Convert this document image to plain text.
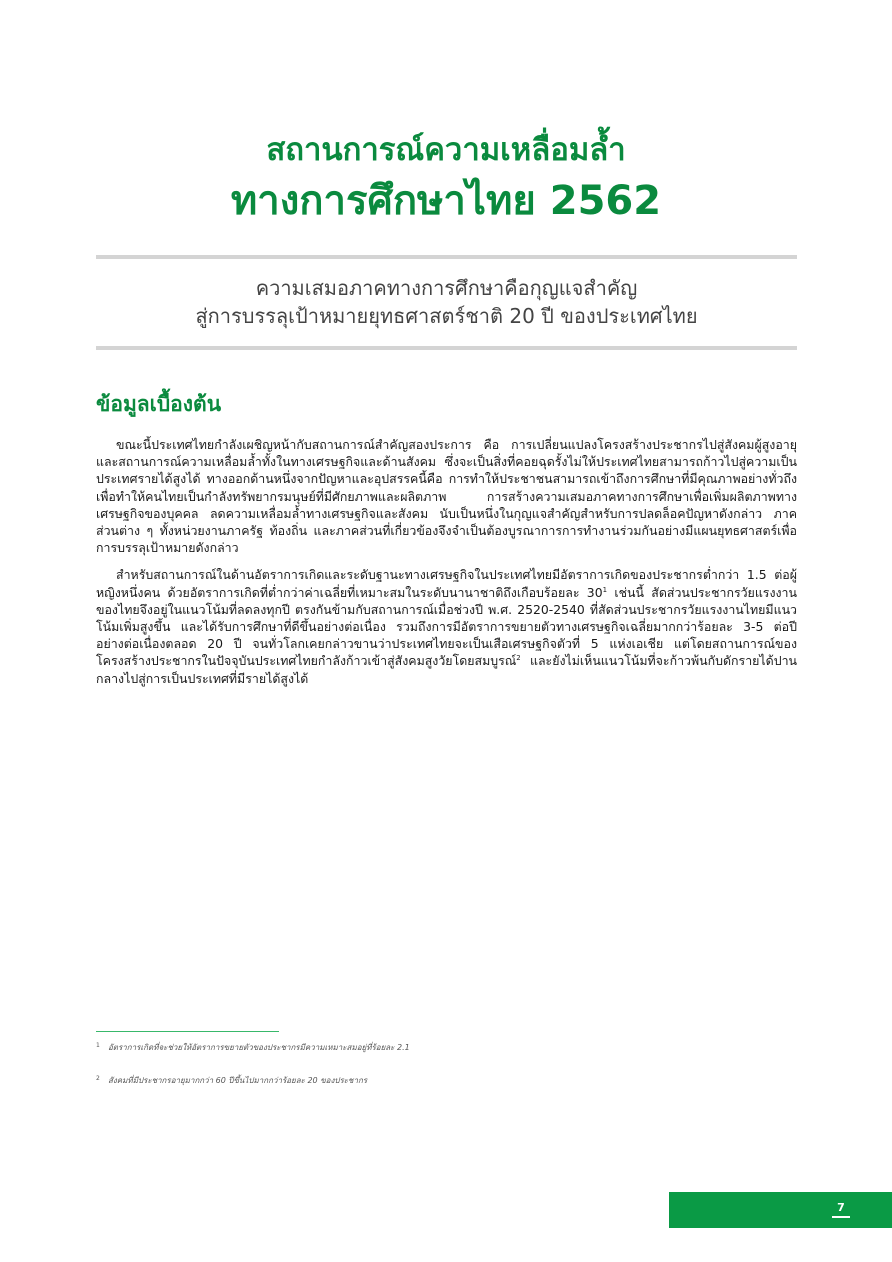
สถานการณ์ความเหลื่อมล้ำ
ทางการศึกษาไทย 2562
ความเสมอภาคทางการศึกษาคือกุญแจสำคัญ
สู่การบรรลุเป้าหมายยุทธศาสตร์ชาติ 20 ปี ของประเทศไทย
ข้อมูลเบื้องต้น

ขณะนี้ประเทศไทยกำลังเผชิญหน้ากับสถานการณ์สำคัญสองประการ คือ การเปลี่ยนแปลงโครงสร้างประชากรไปสู่สังคมผู้สูงอายุ และสถานการณ์ความเหลื่อมล้ำทั้งในทางเศรษฐกิจและด้านสังคม ซึ่งจะเป็นสิ่งที่คอยฉุดรั้งไม่ให้ประเทศไทยสามารถก้าวไปสู่ความเป็นประเทศรายได้สูงได้ ทางออกด้านหนึ่งจากปัญหาและอุปสรรคนี้คือ การทำให้ประชาชนสามารถเข้าถึงการศึกษาที่มีคุณภาพอย่างทั่วถึง เพื่อทำให้คนไทยเป็นกำลังทรัพยากรมนุษย์ที่มีศักยภาพและผลิตภาพ การสร้างความเสมอภาคทางการศึกษาเพื่อเพิ่มผลิตภาพทางเศรษฐกิจของบุคคล ลดความเหลื่อมล้ำทางเศรษฐกิจและสังคม นับเป็นหนึ่งในกุญแจสำคัญสำหรับการปลดล็อคปัญหาดังกล่าว ภาคส่วนต่าง ๆ ทั้งหน่วยงานภาครัฐ ท้องถิ่น และภาคส่วนที่เกี่ยวข้องจึงจำเป็นต้องบูรณาการการทำงานร่วมกันอย่างมีแผนยุทธศาสตร์เพื่อการบรรลุเป้าหมายดังกล่าว

สำหรับสถานการณ์ในด้านอัตราการเกิดและระดับฐานะทางเศรษฐกิจในประเทศไทยมีอัตราการเกิดของประชากรต่ำกว่า 1.5 ต่อผู้หญิงหนึ่งคน ด้วยอัตราการเกิดที่ต่ำกว่าค่าเฉลี่ยที่เหมาะสมในระดับนานาชาติถึงเกือบร้อยละ $30^1$ เช่นนี้ สัดส่วนประชากรวัยแรงงานของไทยจึงอยู่ในแนวโน้มที่ลดลงทุกปี ตรงกันข้ามกับสถานการณ์เมื่อช่วงปี พ.ศ. 2520-2540 ที่สัดส่วนประชากรวัยแรงงานไทยมีแนวโน้มเพิ่มสูงขึ้น และได้รับการศึกษาที่ดีขึ้นอย่างต่อเนื่อง รวมถึงการมีอัตราการขยายตัวทางเศรษฐกิจเฉลี่ยมากกว่าร้อยละ 3-5 ต่อปี อย่างต่อเนื่องตลอด 20 ปี จนทั่วโลกเคยกล่าวขานว่าประเทศไทยจะเป็นเสือเศรษฐกิจตัวที่ 5 แห่งเอเชีย แต่โดยสถานการณ์ของโครงสร้างประชากรในปัจจุบันประเทศไทยกำลังก้าวเข้าสู่สังคมสูงวัยโดยสมบูรณ์$^2$ และยังไม่เห็นแนวโน้มที่จะก้าวพ้นกับดักรายได้ปานกลางไปสู่การเป็นประเทศที่มีรายได้สูงได้

1	อัตราการเกิดที่จะช่วยให้อัตราการขยายตัวของประชากรมีความเหมาะสมอยู่ที่ร้อยละ 2.1
2	สังคมที่มีประชากรอายุมากกว่า 60 ปีขึ้นไปมากกว่าร้อยละ 20 ของประชากร
7
